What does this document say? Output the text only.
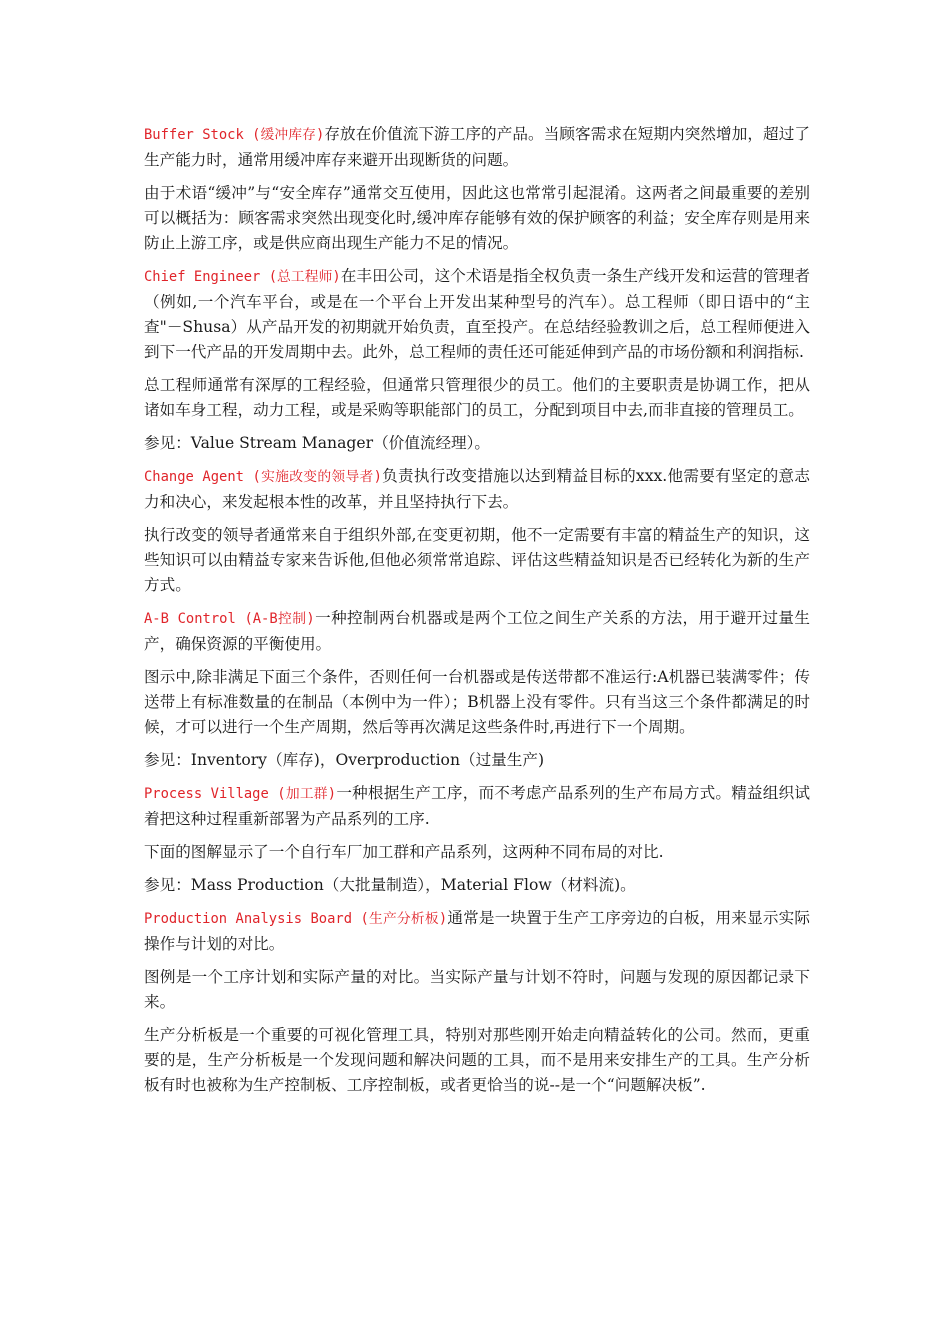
Buffer Stock (缓冲库存)存放在价值流下游工序的产品。当顾客需求在短期内突然增加，超过了生产能力时，通常用缓冲库存来避开出现断货的问题。

由于术语“缓冲”与“安全库存”通常交互使用，因此这也常常引起混淆。这两者之间最重要的差别可以概括为：顾客需求突然出现变化时,缓冲库存能够有效的保护顾客的利益；安全库存则是用来防止上游工序，或是供应商出现生产能力不足的情况。

Chief Engineer (总工程师)在丰田公司，这个术语是指全权负责一条生产线开发和运营的管理者（例如,一个汽车平台，或是在一个平台上开发出某种型号的汽车）。总工程师（即日语中的“主查"－Shusa）从产品开发的初期就开始负责，直至投产。在总结经验教训之后，总工程师便进入到下一代产品的开发周期中去。此外，总工程师的责任还可能延伸到产品的市场份额和利润指标.

总工程师通常有深厚的工程经验，但通常只管理很少的员工。他们的主要职责是协调工作，把从诸如车身工程，动力工程，或是采购等职能部门的员工，分配到项目中去,而非直接的管理员工。

参见：Value Stream Manager（价值流经理）。

Change Agent (实施改变的领导者)负责执行改变措施以达到精益目标的xxx.他需要有坚定的意志力和决心，来发起根本性的改革，并且坚持执行下去。

执行改变的领导者通常来自于组织外部,在变更初期，他不一定需要有丰富的精益生产的知识，这些知识可以由精益专家来告诉他,但他必须常常追踪、评估这些精益知识是否已经转化为新的生产方式。

A-B Control (A-B控制)一种控制两台机器或是两个工位之间生产关系的方法，用于避开过量生产，确保资源的平衡使用。

图示中,除非满足下面三个条件，否则任何一台机器或是传送带都不准运行:A机器已装满零件；传送带上有标准数量的在制品（本例中为一件）；B机器上没有零件。只有当这三个条件都满足的时候，才可以进行一个生产周期，然后等再次满足这些条件时,再进行下一个周期。

参见：Inventory（库存)，Overproduction（过量生产)

Process Village (加工群)一种根据生产工序，而不考虑产品系列的生产布局方式。精益组织试着把这种过程重新部署为产品系列的工序.

下面的图解显示了一个自行车厂加工群和产品系列，这两种不同布局的对比.

参见：Mass Production（大批量制造），Material Flow（材料流)。

Production Analysis Board (生产分析板)通常是一块置于生产工序旁边的白板，用来显示实际操作与计划的对比。

图例是一个工序计划和实际产量的对比。当实际产量与计划不符时，问题与发现的原因都记录下来。

生产分析板是一个重要的可视化管理工具，特别对那些刚开始走向精益转化的公司。然而，更重要的是，生产分析板是一个发现问题和解决问题的工具，而不是用来安排生产的工具。生产分析板有时也被称为生产控制板、工序控制板，或者更恰当的说--是一个“问题解决板”.
